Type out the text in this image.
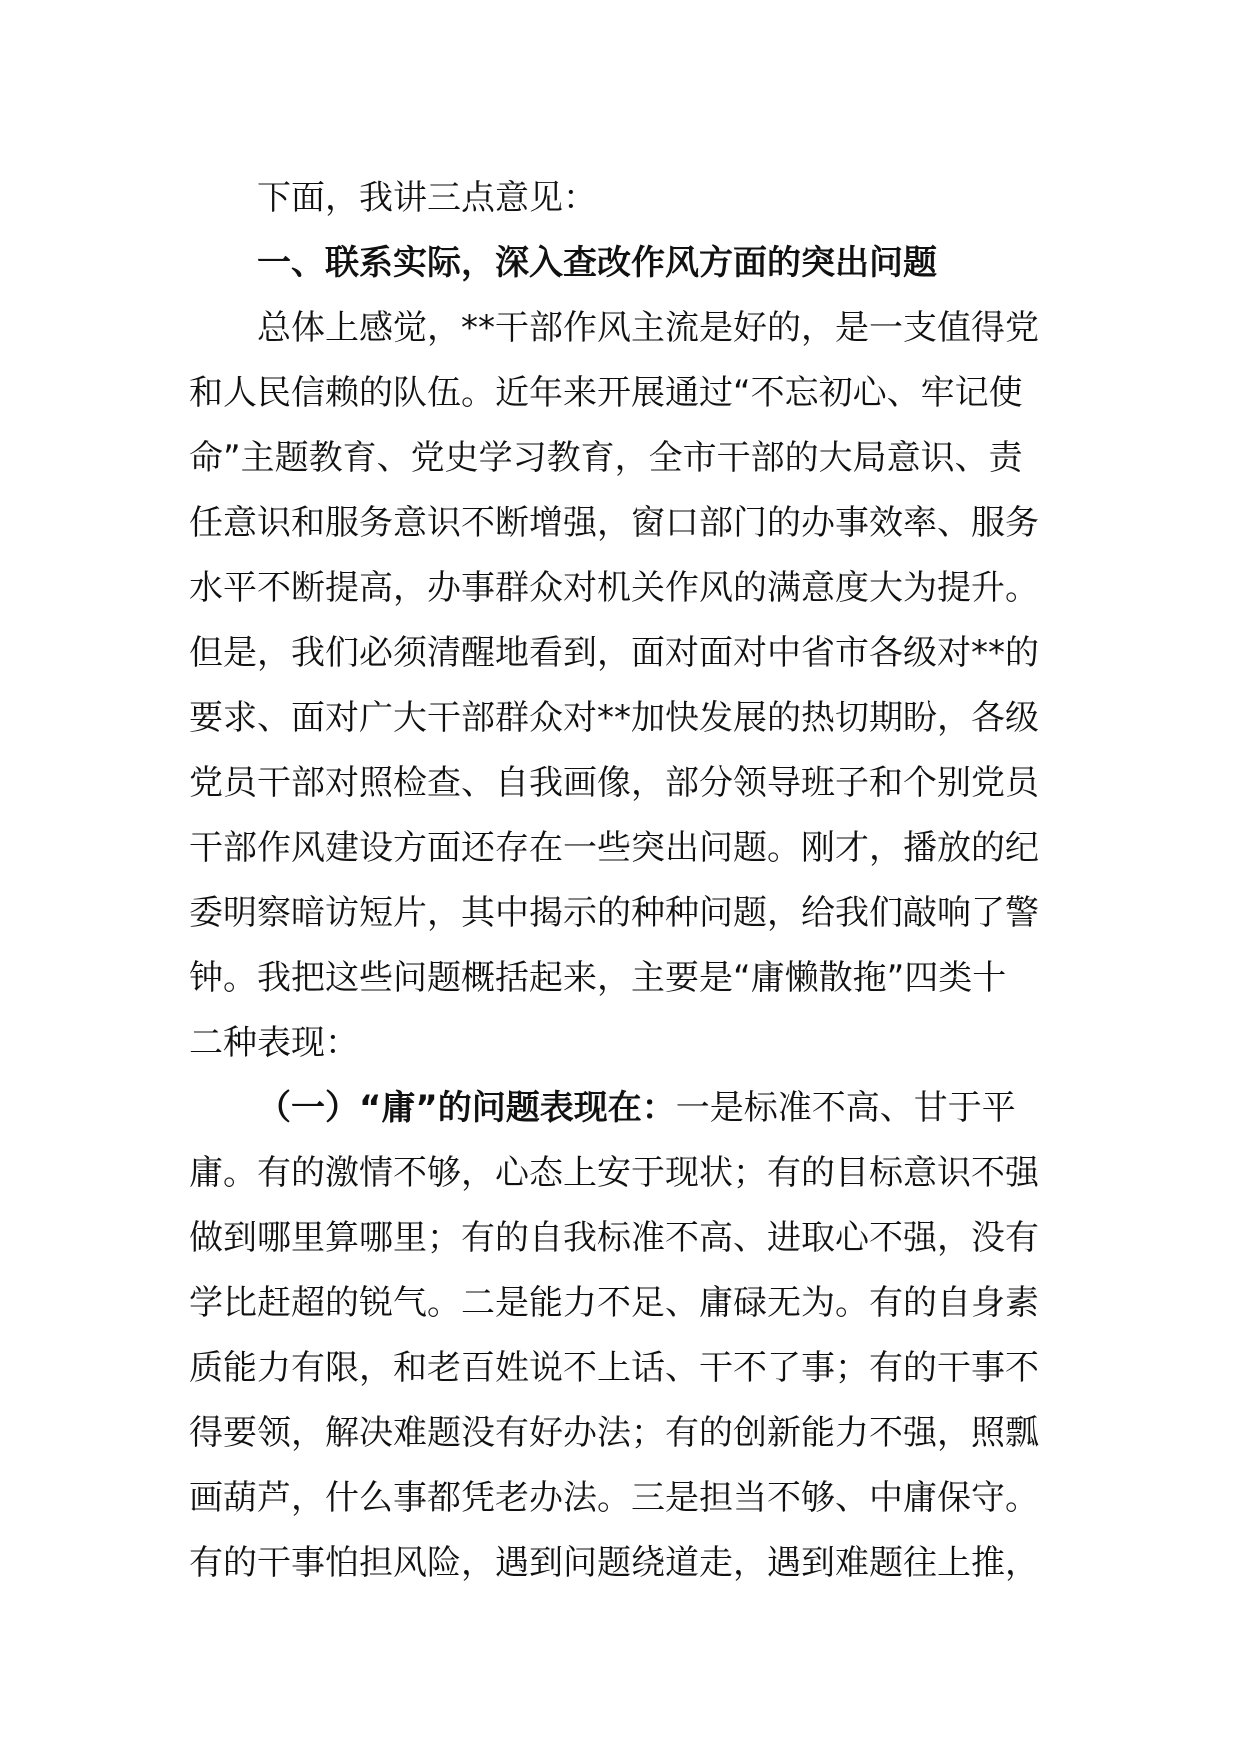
下面，我讲三点意见：
一、联系实际，深入查改作风方面的突出问题
总体上感觉，**干部作风主流是好的，是一支值得党
和人民信赖的队伍。近年来开展通过“不忘初心、牢记使
命”主题教育、党史学习教育，全市干部的大局意识、责
任意识和服务意识不断增强，窗口部门的办事效率、服务
水平不断提高，办事群众对机关作风的满意度大为提升。
但是，我们必须清醒地看到，面对面对中省市各级对**的
要求、面对广大干部群众对**加快发展的热切期盼，各级
党员干部对照检查、自我画像，部分领导班子和个别党员
干部作风建设方面还存在一些突出问题。刚才，播放的纪
委明察暗访短片，其中揭示的种种问题，给我们敲响了警
钟。我把这些问题概括起来，主要是“庸懒散拖”四类十
二种表现：
（一）“庸”的问题表现在：一是标准不高、甘于平
庸。有的激情不够，心态上安于现状；有的目标意识不强
做到哪里算哪里；有的自我标准不高、进取心不强，没有
学比赶超的锐气。二是能力不足、庸碌无为。有的自身素
质能力有限，和老百姓说不上话、干不了事；有的干事不
得要领，解决难题没有好办法；有的创新能力不强，照瓢
画葫芦，什么事都凭老办法。三是担当不够、中庸保守。
有的干事怕担风险，遇到问题绕道走，遇到难题往上推，
